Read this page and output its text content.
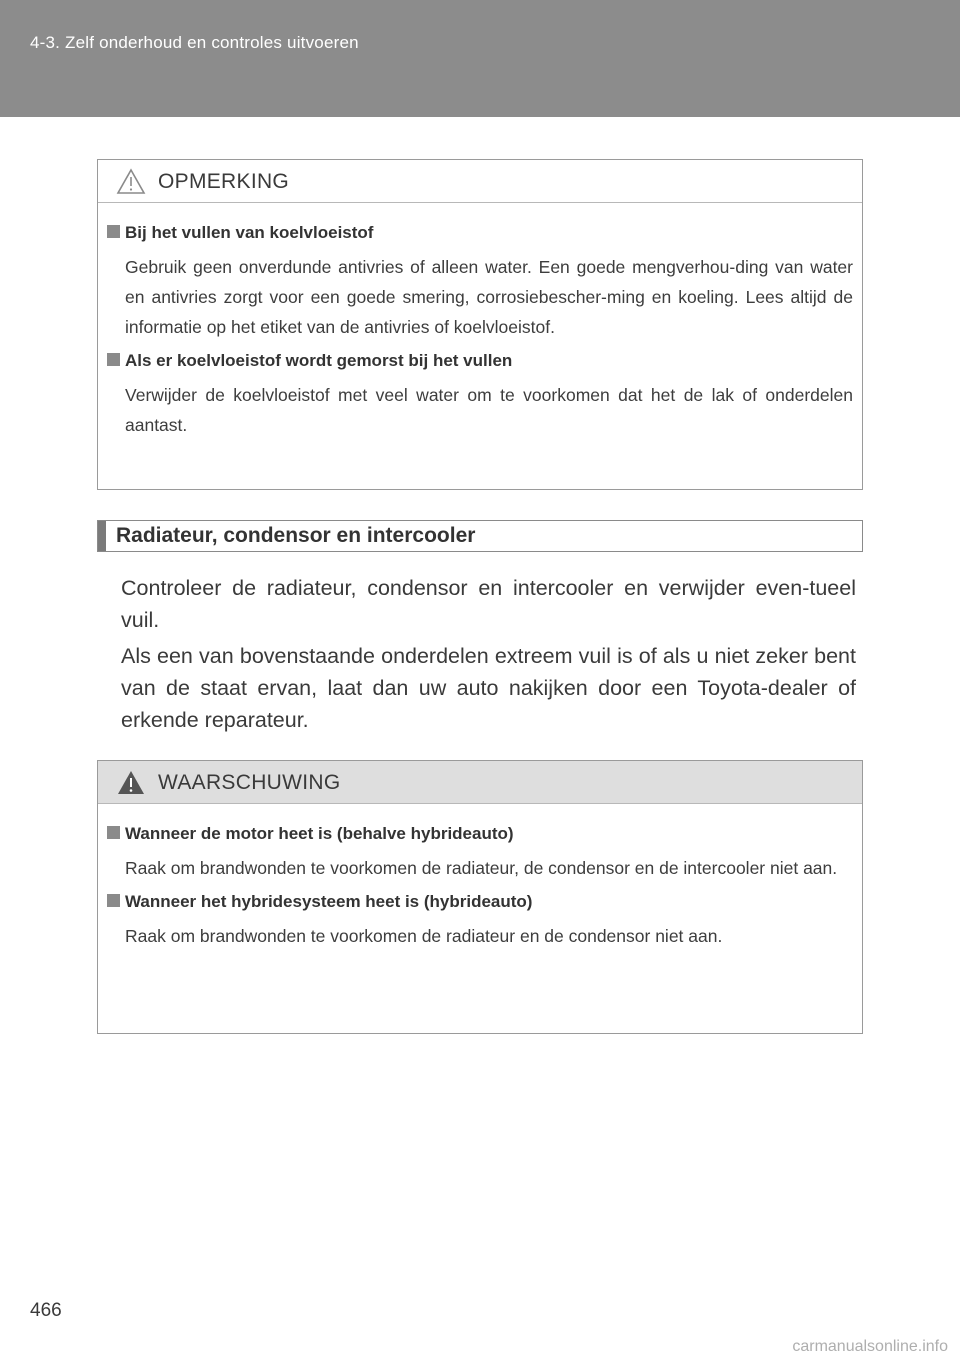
4-3. Zelf onderhoud en controles uitvoeren
OPMERKING
Bij het vullen van koelvloeistof
Gebruik geen onverdunde antivries of alleen water. Een goede mengverhou-ding van water en antivries zorgt voor een goede smering, corrosiebescher-ming en koeling. Lees altijd de informatie op het etiket van de antivries of koelvloeistof.
Als er koelvloeistof wordt gemorst bij het vullen
Verwijder de koelvloeistof met veel water om te voorkomen dat het de lak of onderdelen aantast.
Radiateur, condensor en intercooler
Controleer de radiateur, condensor en intercooler en verwijder even-tueel vuil.
Als een van bovenstaande onderdelen extreem vuil is of als u niet zeker bent van de staat ervan, laat dan uw auto nakijken door een Toyota-dealer of erkende reparateur.
WAARSCHUWING
Wanneer de motor heet is (behalve hybrideauto)
Raak om brandwonden te voorkomen de radiateur, de condensor en de intercooler niet aan.
Wanneer het hybridesysteem heet is (hybrideauto)
Raak om brandwonden te voorkomen de radiateur en de condensor niet aan.
466
carmanualsonline.info
